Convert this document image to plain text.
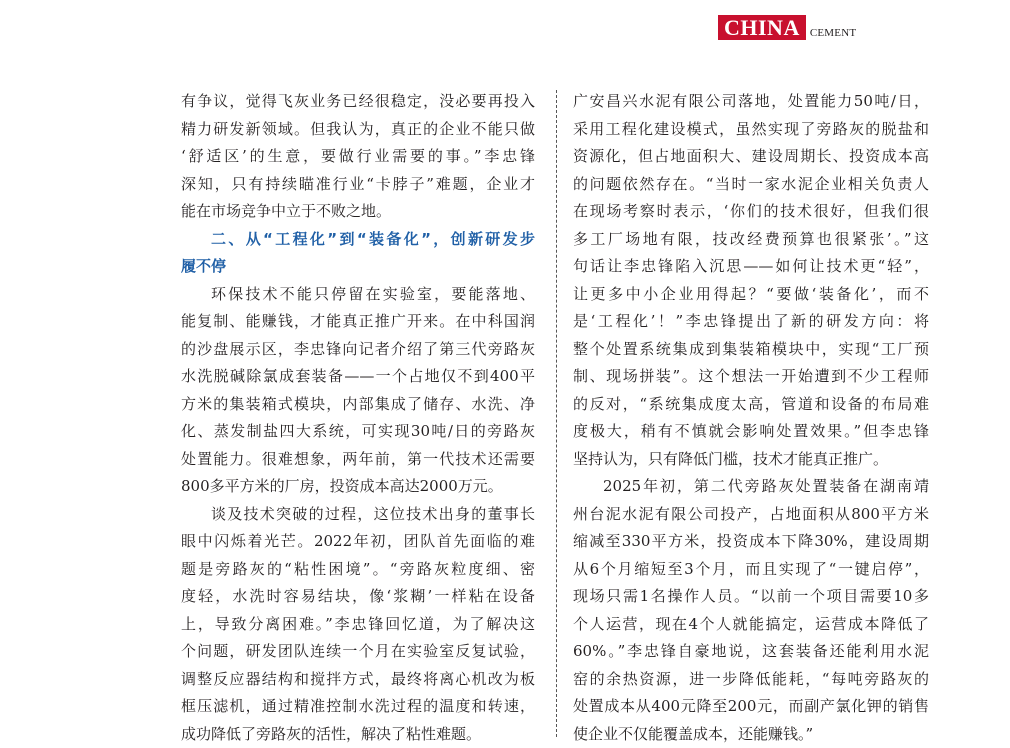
CHINA CEMENT
有争议，觉得飞灰业务已经很稳定，没必要再投入
精力研发新领域。但我认为，真正的企业不能只做
‘舒适区’的生意，要做行业需要的事。”李忠锋
深知，只有持续瞄准行业“卡脖子”难题，企业才
能在市场竞争中立于不败之地。
二、从“工程化”到“装备化”，创新研发步
履不停
环保技术不能只停留在实验室，要能落地、
能复制、能赚钱，才能真正推广开来。在中科国润
的沙盘展示区，李忠锋向记者介绍了第三代旁路灰
水洗脱碱除氯成套装备——一个占地仅不到400平
方米的集装箱式模块，内部集成了储存、水洗、净
化、蒸发制盐四大系统，可实现30吨/日的旁路灰
处置能力。很难想象，两年前，第一代技术还需要
800多平方米的厂房，投资成本高达2000万元。
谈及技术突破的过程，这位技术出身的董事长
眼中闪烁着光芒。2022年初，团队首先面临的难
题是旁路灰的“粘性困境”。“旁路灰粒度细、密
度轻，水洗时容易结块，像‘浆糊’一样粘在设备
上，导致分离困难。”李忠锋回忆道，为了解决这
个问题，研发团队连续一个月在实验室反复试验，
调整反应器结构和搅拌方式，最终将离心机改为板
框压滤机，通过精准控制水洗过程的温度和转速，
成功降低了旁路灰的活性，解决了粘性难题。
广安昌兴水泥有限公司落地，处置能力50吨/日，
采用工程化建设模式，虽然实现了旁路灰的脱盐和
资源化，但占地面积大、建设周期长、投资成本高
的问题依然存在。“当时一家水泥企业相关负责人
在现场考察时表示，‘你们的技术很好，但我们很
多工厂场地有限，技改经费预算也很紧张’。”这
句话让李忠锋陷入沉思——如何让技术更“轻”，
让更多中小企业用得起？“要做‘装备化’，而不
是‘工程化’！”李忠锋提出了新的研发方向：将
整个处置系统集成到集装箱模块中，实现“工厂预
制、现场拼装”。这个想法一开始遭到不少工程师
的反对，“系统集成度太高，管道和设备的布局难
度极大，稍有不慎就会影响处置效果。”但李忠锋
坚持认为，只有降低门槛，技术才能真正推广。
2025年初，第二代旁路灰处置装备在湖南靖
州台泥水泥有限公司投产，占地面积从800平方米
缩减至330平方米，投资成本下降30%，建设周期
从6个月缩短至3个月，而且实现了“一键启停”，
现场只需1名操作人员。“以前一个项目需要10多
个人运营，现在4个人就能搞定，运营成本降低了
60%。”李忠锋自豪地说，这套装备还能利用水泥
窑的余热资源，进一步降低能耗，“每吨旁路灰的
处置成本从400元降至200元，而副产氯化钾的销售
使企业不仅能覆盖成本，还能赚钱。”
